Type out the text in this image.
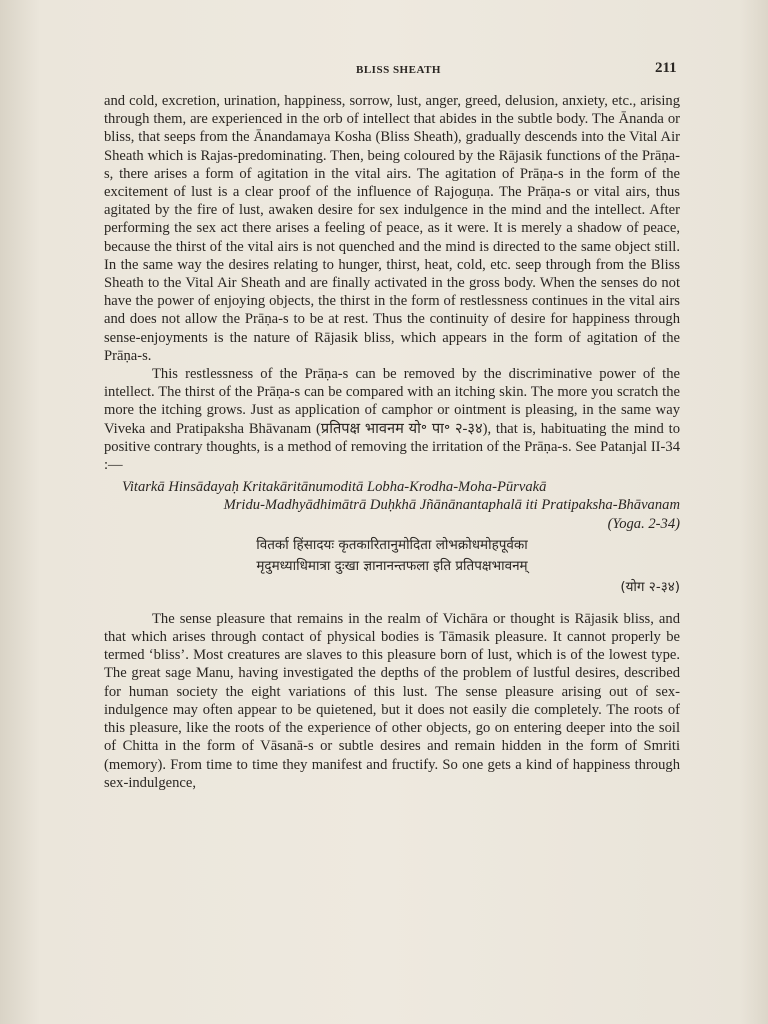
BLISS SHEATH	211

and cold, excretion, urination, happiness, sorrow, lust, anger, greed, delusion, anxiety, etc., arising through them, are experienced in the orb of intellect that abides in the subtle body. The Ānanda or bliss, that seeps from the Ānandamaya Kosha (Bliss Sheath), gradually descends into the Vital Air Sheath which is Rajas-predominating. Then, being coloured by the Rājasik functions of the Prāṇa-s, there arises a form of agitation in the vital airs. The agitation of Prāṇa-s in the form of the excitement of lust is a clear proof of the influence of Rajoguṇa. The Prāṇa-s or vital airs, thus agitated by the fire of lust, awaken desire for sex indulgence in the mind and the intellect. After performing the sex act there arises a feeling of peace, as it were. It is merely a shadow of peace, because the thirst of the vital airs is not quenched and the mind is directed to the same object still. In the same way the desires relating to hunger, thirst, heat, cold, etc. seep through from the Bliss Sheath to the Vital Air Sheath and are finally activated in the gross body. When the senses do not have the power of enjoying objects, the thirst in the form of restlessness continues in the vital airs and does not allow the Prāṇa-s to be at rest. Thus the continuity of desire for happiness through sense-enjoyments is the nature of Rājasik bliss, which appears in the form of agitation of the Prāṇa-s.

This restlessness of the Prāṇa-s can be removed by the discriminative power of the intellect. The thirst of the Prāṇa-s can be compared with an itching skin. The more you scratch the more the itching grows. Just as application of camphor or ointment is pleasing, in the same way Viveka and Pratipaksha Bhāvanam (प्रतिपक्ष भावनम यो॰ पा॰ २-३४), that is, habituating the mind to positive contrary thoughts, is a method of removing the irritation of the Prāṇa-s. See Patanjal II-34 :—

Vitarkā Hinsādayaḥ Kritakāritānumoditā Lobha-Krodha-Moha-Pūrvakā
Mridu-Madhyādhimātrā Duḥkhā Jñānānantaphalā iti Pratipaksha-Bhāvanam
(Yoga. 2-34)
वितर्का हिंसादयः कृतकारितानुमोदिता लोभक्रोधमोहपूर्वका
मृदुमध्याधिमात्रा दुःखा ज्ञानानन्तफला इति प्रतिपक्षभावनम्
(योग २-३४)

The sense pleasure that remains in the realm of Vichāra or thought is Rājasik bliss, and that which arises through contact of physical bodies is Tāmasik pleasure. It cannot properly be termed ‘bliss’. Most creatures are slaves to this pleasure born of lust, which is of the lowest type. The great sage Manu, having investigated the depths of the problem of lustful desires, described for human society the eight variations of this lust. The sense pleasure arising out of sex-indulgence may often appear to be quietened, but it does not easily die completely. The roots of this pleasure, like the roots of the experience of other objects, go on entering deeper into the soil of Chitta in the form of Vāsanā-s or subtle desires and remain hidden in the form of Smriti (memory). From time to time they manifest and fructify. So one gets a kind of happiness through sex-indulgence,
